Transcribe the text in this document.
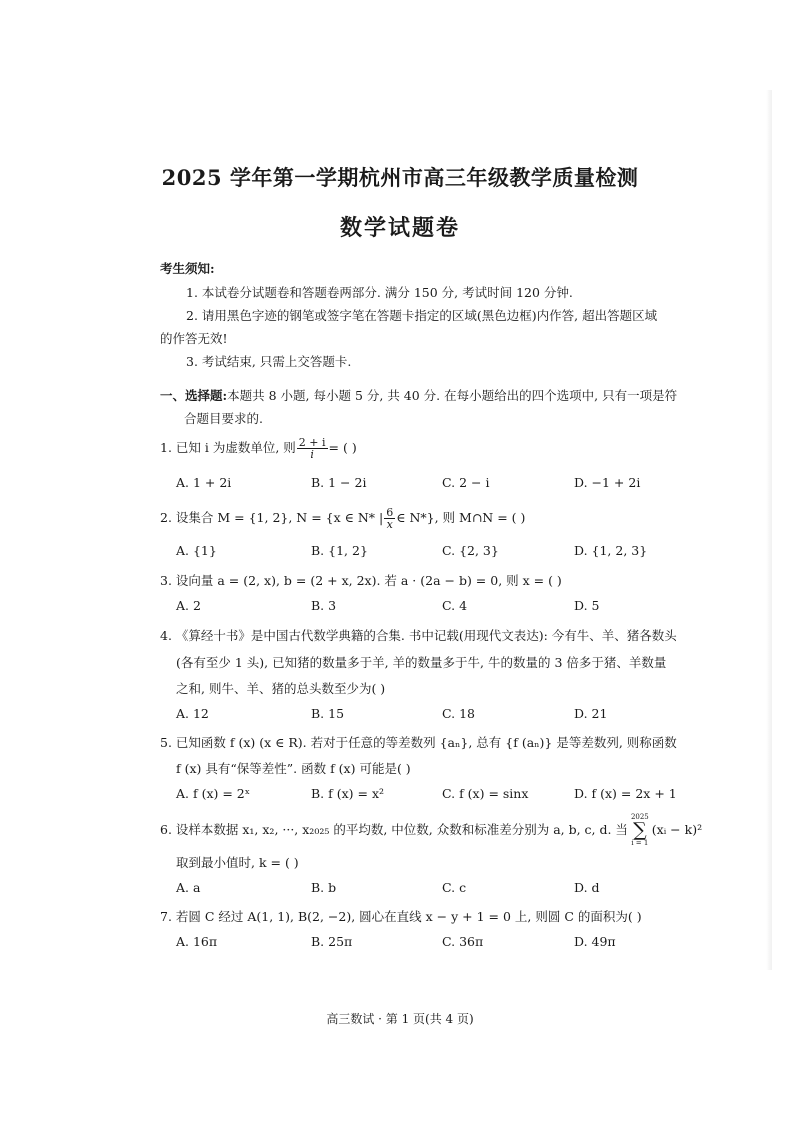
2025 学年第一学期杭州市高三年级教学质量检测
数学试题卷
考生须知:
1. 本试卷分试题卷和答题卷两部分. 满分 150 分, 考试时间 120 分钟.
2. 请用黑色字迹的钢笔或签字笔在答题卡指定的区域(黑色边框)内作答, 超出答题区域
的作答无效!
3. 考试结束, 只需上交答题卡.
一、选择题:本题共 8 小题, 每小题 5 分, 共 40 分. 在每小题给出的四个选项中, 只有一项是符
合题目要求的.
1. 已知 i 为虚数单位, 则 $\frac{2 + i}{i}$ = ( )
A. 1 + 2i	B. 1 − 2i	C. 2 − i	D. −1 + 2i
2. 设集合 M = {1, 2}, N = {x ∈ N* | $\frac{6}{x}$ ∈ N*}, 则 M∩N = ( )
A. {1}	B. {1, 2}	C. {2, 3}	D. {1, 2, 3}
3. 设向量 a = (2, x), b = (2 + x, 2x). 若 a · (2a − b) = 0, 则 x = ( )
A. 2	B. 3	C. 4	D. 5
4. 《算经十书》是中国古代数学典籍的合集. 书中记载(用现代文表达): 今有牛、羊、猪各数头
(各有至少 1 头), 已知猪的数量多于羊, 羊的数量多于牛, 牛的数量的 3 倍多于猪、羊数量
之和, 则牛、羊、猪的总头数至少为( )
A. 12	B. 15	C. 18	D. 21
5. 已知函数 f (x) (x ∈ R). 若对于任意的等差数列 {aₙ}, 总有 {f (aₙ)} 是等差数列, 则称函数
f (x) 具有“保等差性”. 函数 f (x) 可能是( )
A. f (x) = 2ˣ	B. f (x) = x²	C. f (x) = sinx	D. f (x) = 2x + 1
6. 设样本数据 x₁, x₂, ···, x₂₀₂₅ 的平均数, 中位数, 众数和标准差分别为 a, b, c, d. 当
2025
∑
i = 1
(xᵢ − k)²
取到最小值时, k = ( )
A. a	B. b	C. c	D. d
7. 若圆 C 经过 A(1, 1), B(2, −2), 圆心在直线 x − y + 1 = 0 上, 则圆 C 的面积为( )
A. 16π	B. 25π	C. 36π	D. 49π
高三数试 · 第 1 页(共 4 页)
